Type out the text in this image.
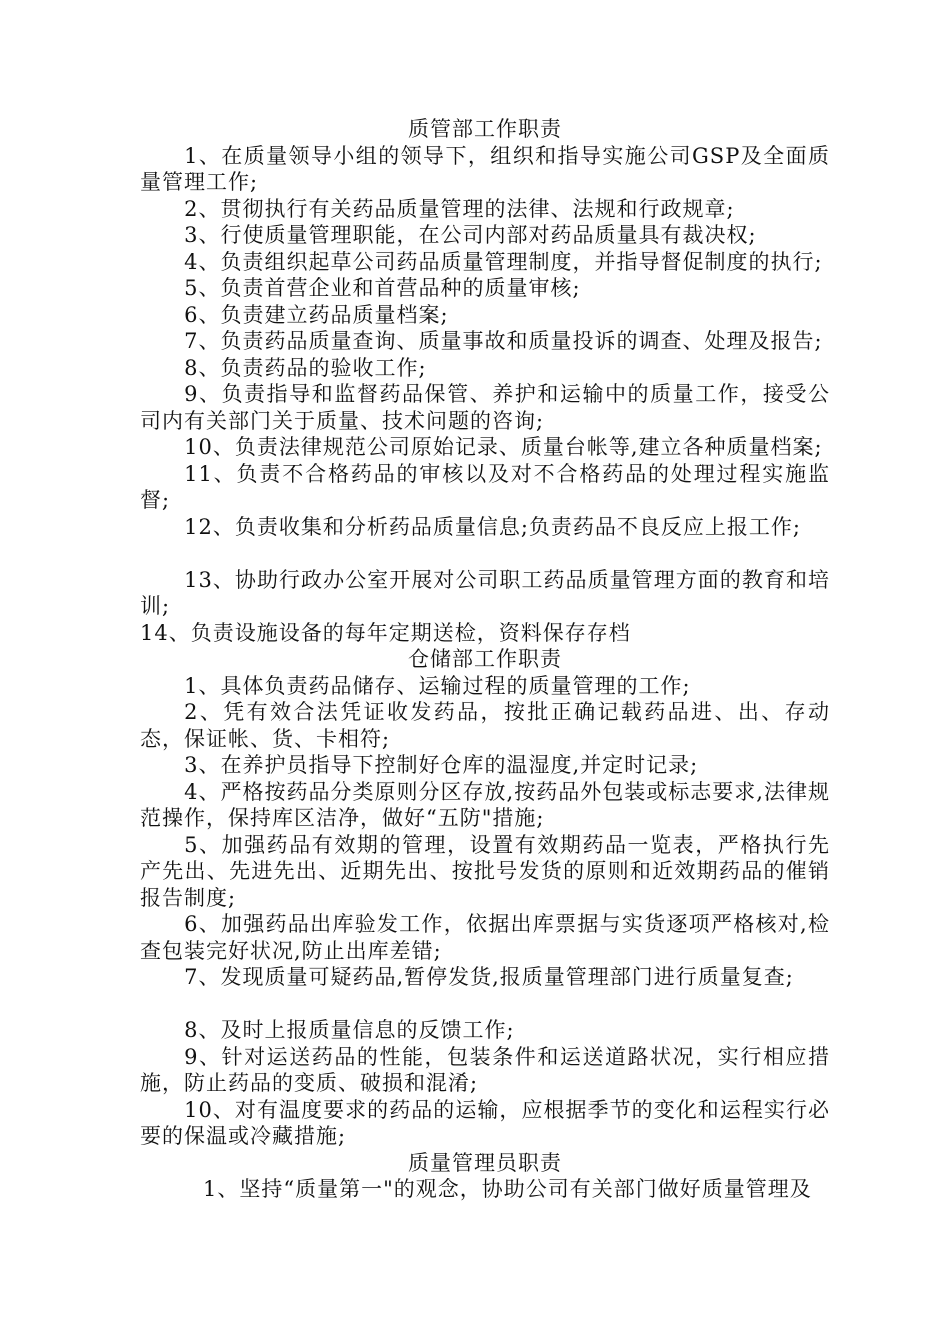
质管部工作职责
1、在质量领导小组的领导下，组织和指导实施公司GSP及全面质量管理工作;
2、贯彻执行有关药品质量管理的法律、法规和行政规章;
3、行使质量管理职能，在公司内部对药品质量具有裁决权;
4、负责组织起草公司药品质量管理制度，并指导督促制度的执行;
5、负责首营企业和首营品种的质量审核;
6、负责建立药品质量档案;
7、负责药品质量查询、质量事故和质量投诉的调查、处理及报告;
8、负责药品的验收工作;
9、负责指导和监督药品保管、养护和运输中的质量工作，接受公司内有关部门关于质量、技术问题的咨询;
10、负责法律规范公司原始记录、质量台帐等,建立各种质量档案;
11、负责不合格药品的审核以及对不合格药品的处理过程实施监督;
12、负责收集和分析药品质量信息;负责药品不良反应上报工作;
13、协助行政办公室开展对公司职工药品质量管理方面的教育和培训;
14、负责设施设备的每年定期送检，资料保存存档
仓储部工作职责
1、具体负责药品储存、运输过程的质量管理的工作;
2、凭有效合法凭证收发药品，按批正确记载药品进、出、存动态，保证帐、货、卡相符;
3、在养护员指导下控制好仓库的温湿度,并定时记录;
4、严格按药品分类原则分区存放,按药品外包装或标志要求,法律规范操作，保持库区洁净，做好“五防"措施;
5、加强药品有效期的管理，设置有效期药品一览表，严格执行先产先出、先进先出、近期先出、按批号发货的原则和近效期药品的催销报告制度;
6、加强药品出库验发工作，依据出库票据与实货逐项严格核对,检查包装完好状况,防止出库差错;
7、发现质量可疑药品,暂停发货,报质量管理部门进行质量复查;
8、及时上报质量信息的反馈工作;
9、针对运送药品的性能，包装条件和运送道路状况，实行相应措施，防止药品的变质、破损和混淆;
10、对有温度要求的药品的运输，应根据季节的变化和运程实行必要的保温或冷藏措施;
质量管理员职责
1、坚持“质量第一"的观念，协助公司有关部门做好质量管理及
